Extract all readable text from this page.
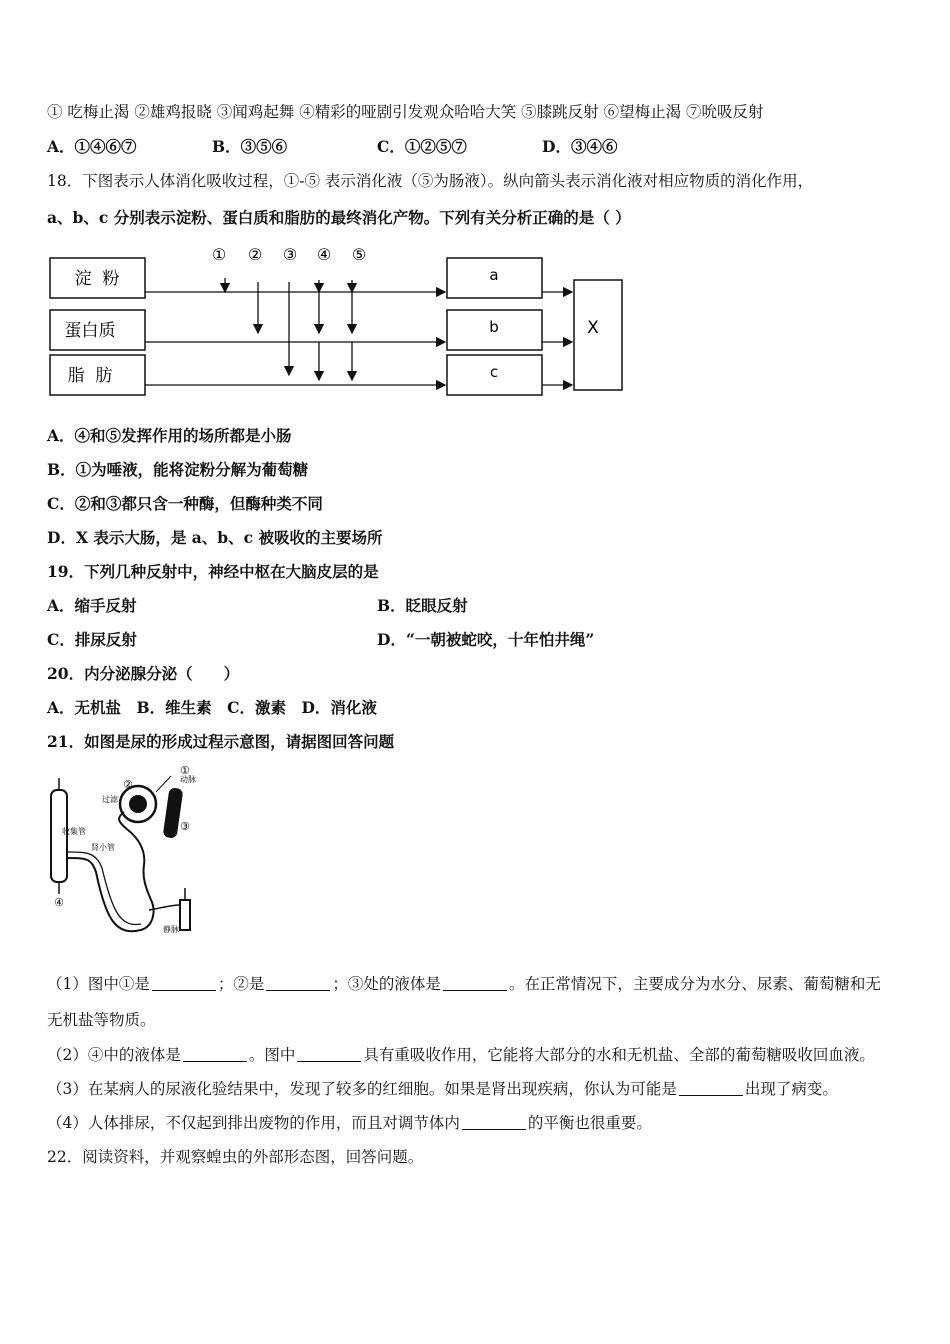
① 吃梅止渴 ②雄鸡报晓 ③闻鸡起舞 ④精彩的哑剧引发观众哈哈大笑 ⑤膝跳反射 ⑥望梅止渴 ⑦吮吸反射
A．①④⑥⑦	B．③⑤⑥	C．①②⑤⑦	D．③④⑥
18．下图表示人体消化吸收过程，①-⑤ 表示消化液（⑤为肠液）。纵向箭头表示消化液对相应物质的消化作用，
a、b、c 分别表示淀粉、蛋白质和脂肪的最终消化产物。下列有关分析正确的是（ ）
① ② ③ ④ ⑤
淀  粉
蛋白质
脂  肪
a
b
c
X
A．④和⑤发挥作用的场所都是小肠
B．①为唾液，能将淀粉分解为葡萄糖
C．②和③都只含一种酶，但酶种类不同
D．X 表示大肠，是 a、b、c 被吸收的主要场所
19．下列几种反射中，神经中枢在大脑皮层的是
A．缩手反射	B．眨眼反射
C．排尿反射	D．“一朝被蛇咬，十年怕井绳”
20．内分泌腺分泌（　　）
A．无机盐　B．维生素　C．激素　D．消化液
21．如图是尿的形成过程示意图，请据图回答问题
④
收集管
动脉
静脉
过滤
肾小管
①
②
③
（1）图中①是	；②是	；③处的液体是	。在正常情况下，主要成分为水分、尿素、葡萄糖和无
无机盐等物质。
（2）④中的液体是	。图中	具有重吸收作用，它能将大部分的水和无机盐、全部的葡萄糖吸收回血液。
（3）在某病人的尿液化验结果中，发现了较多的红细胞。如果是肾出现疾病，你认为可能是	出现了病变。
（4）人体排尿，不仅起到排出废物的作用，而且对调节体内	的平衡也很重要。
22．阅读资料，并观察蝗虫的外部形态图，回答问题。
